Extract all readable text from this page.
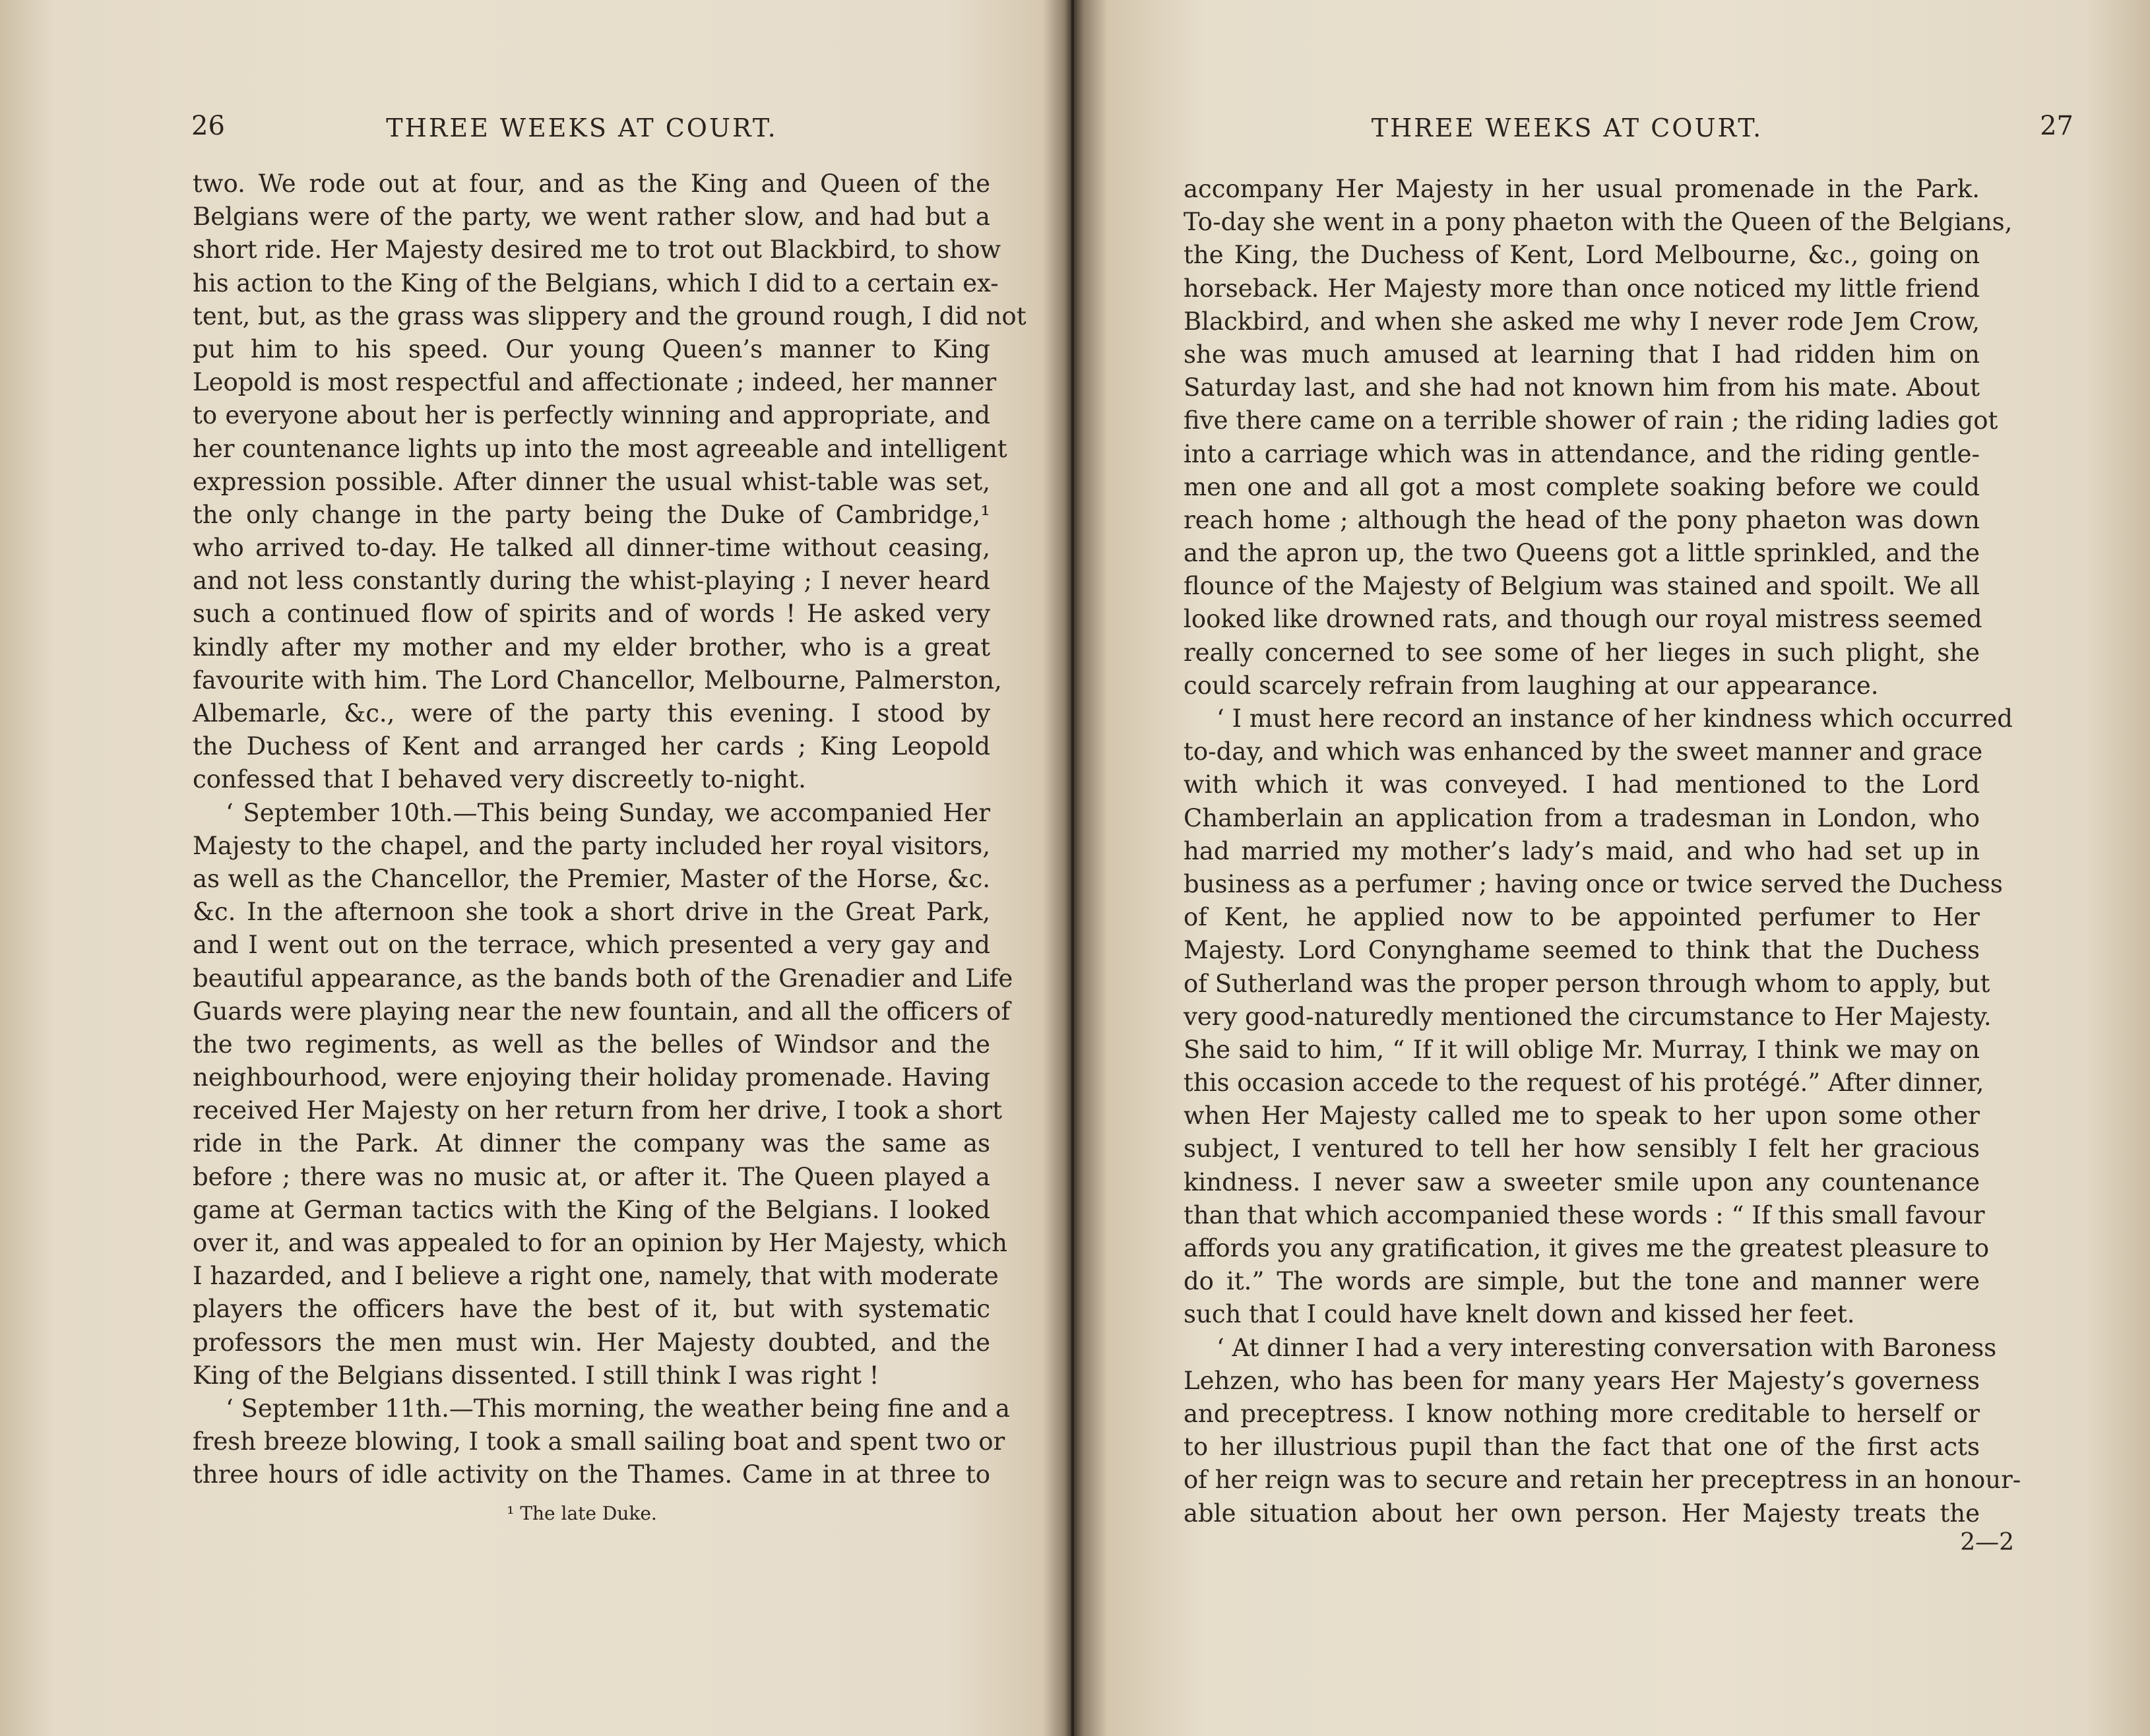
26	THREE WEEKS AT COURT.
two. We rode out at four, and as the King and Queen of the
Belgians were of the party, we went rather slow, and had but a
short ride. Her Majesty desired me to trot out Blackbird, to show
his action to the King of the Belgians, which I did to a certain ex-
tent, but, as the grass was slippery and the ground rough, I did not
put him to his speed. Our young Queen’s manner to King
Leopold is most respectful and affectionate ; indeed, her manner
to everyone about her is perfectly winning and appropriate, and
her countenance lights up into the most agreeable and intelligent
expression possible. After dinner the usual whist-table was set,
the only change in the party being the Duke of Cambridge,¹
who arrived to-day. He talked all dinner-time without ceasing,
and not less constantly during the whist-playing ; I never heard
such a continued flow of spirits and of words ! He asked very
kindly after my mother and my elder brother, who is a great
favourite with him. The Lord Chancellor, Melbourne, Palmerston,
Albemarle, &c., were of the party this evening. I stood by
the Duchess of Kent and arranged her cards ; King Leopold
confessed that I behaved very discreetly to-night.
‘ September 10th.—This being Sunday, we accompanied Her
Majesty to the chapel, and the party included her royal visitors,
as well as the Chancellor, the Premier, Master of the Horse, &c.
&c. In the afternoon she took a short drive in the Great Park,
and I went out on the terrace, which presented a very gay and
beautiful appearance, as the bands both of the Grenadier and Life
Guards were playing near the new fountain, and all the officers of
the two regiments, as well as the belles of Windsor and the
neighbourhood, were enjoying their holiday promenade. Having
received Her Majesty on her return from her drive, I took a short
ride in the Park. At dinner the company was the same as
before ; there was no music at, or after it. The Queen played a
game at German tactics with the King of the Belgians. I looked
over it, and was appealed to for an opinion by Her Majesty, which
I hazarded, and I believe a right one, namely, that with moderate
players the officers have the best of it, but with systematic
professors the men must win. Her Majesty doubted, and the
King of the Belgians dissented. I still think I was right !
‘ September 11th.—This morning, the weather being fine and a
fresh breeze blowing, I took a small sailing boat and spent two or
three hours of idle activity on the Thames. Came in at three to
¹ The late Duke.
THREE WEEKS AT COURT.	27
accompany Her Majesty in her usual promenade in the Park.
To-day she went in a pony phaeton with the Queen of the Belgians,
the King, the Duchess of Kent, Lord Melbourne, &c., going on
horseback. Her Majesty more than once noticed my little friend
Blackbird, and when she asked me why I never rode Jem Crow,
she was much amused at learning that I had ridden him on
Saturday last, and she had not known him from his mate. About
five there came on a terrible shower of rain ; the riding ladies got
into a carriage which was in attendance, and the riding gentle-
men one and all got a most complete soaking before we could
reach home ; although the head of the pony phaeton was down
and the apron up, the two Queens got a little sprinkled, and the
flounce of the Majesty of Belgium was stained and spoilt. We all
looked like drowned rats, and though our royal mistress seemed
really concerned to see some of her lieges in such plight, she
could scarcely refrain from laughing at our appearance.
‘ I must here record an instance of her kindness which occurred
to-day, and which was enhanced by the sweet manner and grace
with which it was conveyed. I had mentioned to the Lord
Chamberlain an application from a tradesman in London, who
had married my mother’s lady’s maid, and who had set up in
business as a perfumer ; having once or twice served the Duchess
of Kent, he applied now to be appointed perfumer to Her
Majesty. Lord Conynghame seemed to think that the Duchess
of Sutherland was the proper person through whom to apply, but
very good-naturedly mentioned the circumstance to Her Majesty.
She said to him, “ If it will oblige Mr. Murray, I think we may on
this occasion accede to the request of his protégé.” After dinner,
when Her Majesty called me to speak to her upon some other
subject, I ventured to tell her how sensibly I felt her gracious
kindness. I never saw a sweeter smile upon any countenance
than that which accompanied these words : “ If this small favour
affords you any gratification, it gives me the greatest pleasure to
do it.” The words are simple, but the tone and manner were
such that I could have knelt down and kissed her feet.
‘ At dinner I had a very interesting conversation with Baroness
Lehzen, who has been for many years Her Majesty’s governess
and preceptress. I know nothing more creditable to herself or
to her illustrious pupil than the fact that one of the first acts
of her reign was to secure and retain her preceptress in an honour-
able situation about her own person. Her Majesty treats the
2—2
